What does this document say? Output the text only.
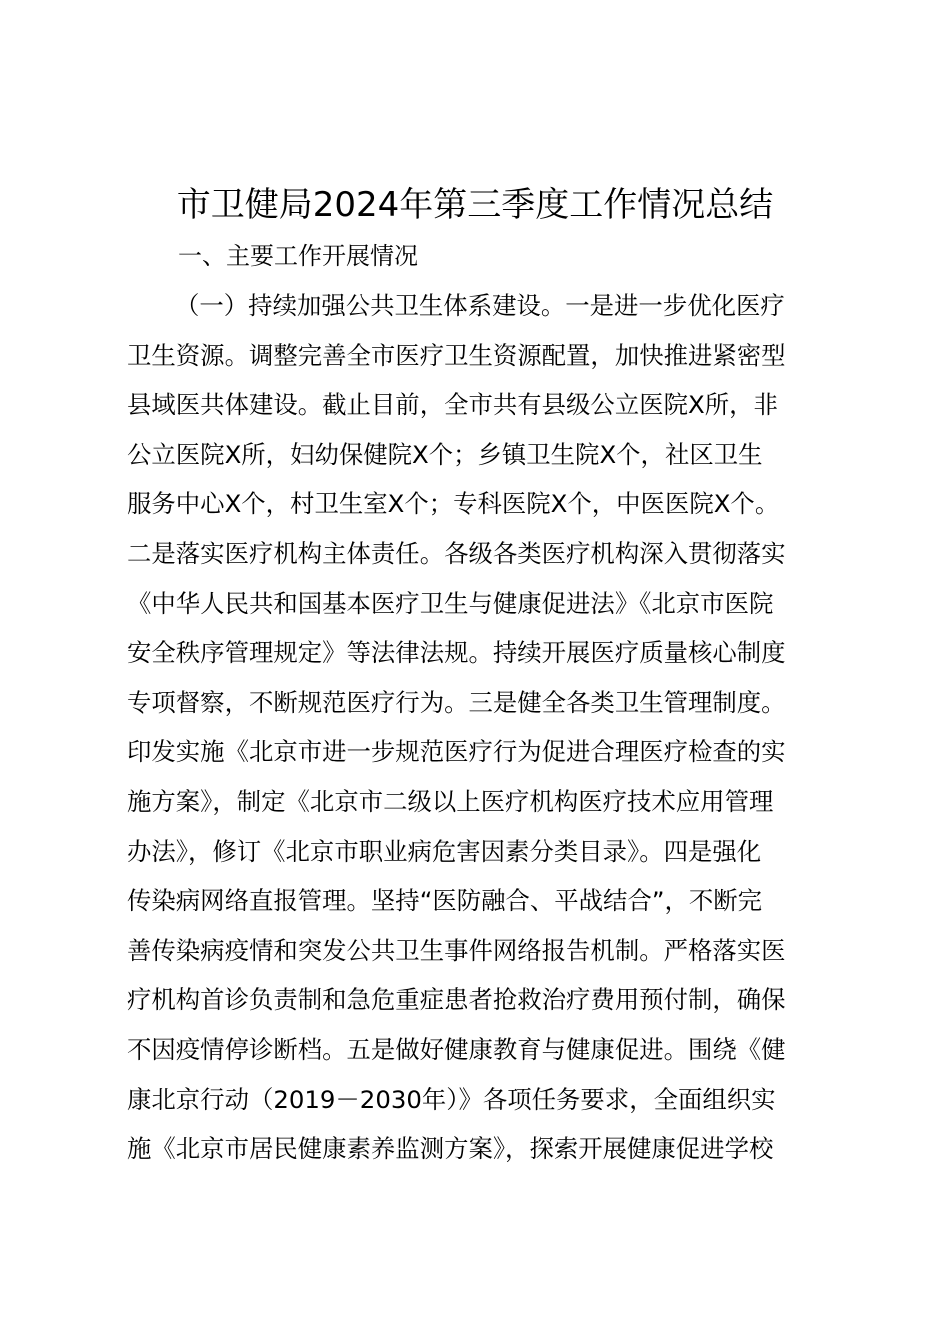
市卫健局2024年第三季度工作情况总结

一、主要工作开展情况

（一）持续加强公共卫生体系建设。一是进一步优化医疗
卫生资源。调整完善全市医疗卫生资源配置，加快推进紧密型
县域医共体建设。截止目前，全市共有县级公立医院X所，非
公立医院X所，妇幼保健院X个；乡镇卫生院X个，社区卫生
服务中心X个，村卫生室X个；专科医院X个，中医医院X个。
二是落实医疗机构主体责任。各级各类医疗机构深入贯彻落实
《中华人民共和国基本医疗卫生与健康促进法》《北京市医院
安全秩序管理规定》等法律法规。持续开展医疗质量核心制度
专项督察，不断规范医疗行为。三是健全各类卫生管理制度。
印发实施《北京市进一步规范医疗行为促进合理医疗检查的实
施方案》，制定《北京市二级以上医疗机构医疗技术应用管理
办法》，修订《北京市职业病危害因素分类目录》。四是强化
传染病网络直报管理。坚持“医防融合、平战结合”，不断完
善传染病疫情和突发公共卫生事件网络报告机制。严格落实医
疗机构首诊负责制和急危重症患者抢救治疗费用预付制，确保
不因疫情停诊断档。五是做好健康教育与健康促进。围绕《健
康北京行动（2019－2030年）》各项任务要求，全面组织实
施《北京市居民健康素养监测方案》，探索开展健康促进学校
